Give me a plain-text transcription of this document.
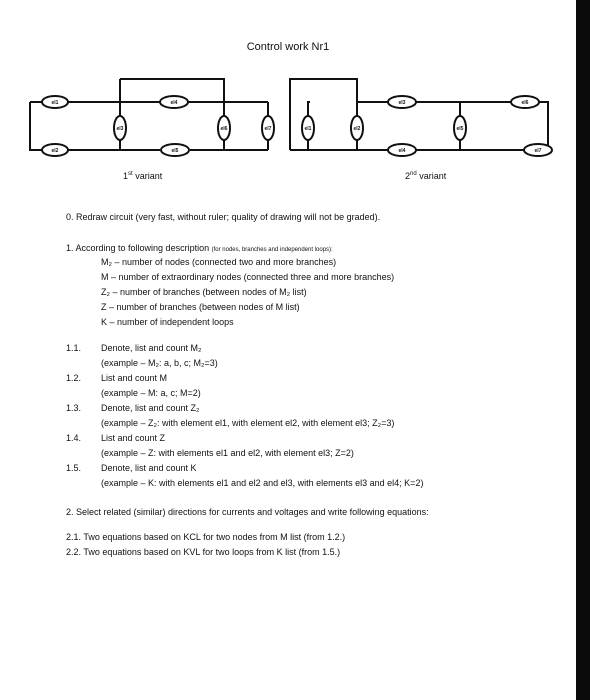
Control work Nr1
el1
el2
el3
el4
el5
el6	el7	el1	el2
el3
el4
el5
el6
el7
1st variant	2nd variant
0. Redraw circuit (very fast, without ruler; quality of drawing will not be graded).
1. According to following description (for nodes, branches and independent loops):
M₂ – number of nodes (connected two and more branches)
M – number of extraordinary nodes (connected three and more branches)
Z₂ – number of branches (between nodes of M₂ list)
Z – number of branches (between nodes of M list)
K – number of independent loops
1.1. Denote, list and count M₂
(example – M₂: a, b, c; M₂=3)
1.2. List and count M
(example – M: a, c; M=2)
1.3. Denote, list and count Z₂
(example – Z₂: with element el1, with element el2, with element el3; Z₂=3)
1.4. List and count Z
(example – Z: with elements el1 and el2, with element el3; Z=2)
1.5. Denote, list and count K
(example – K: with elements el1 and el2 and el3, with elements el3 and el4; K=2)
2. Select related (similar) directions for currents and voltages and write following equations:
2.1. Two equations based on KCL for two nodes from M list (from 1.2.)
2.2. Two equations based on KVL for two loops from K list (from 1.5.)
